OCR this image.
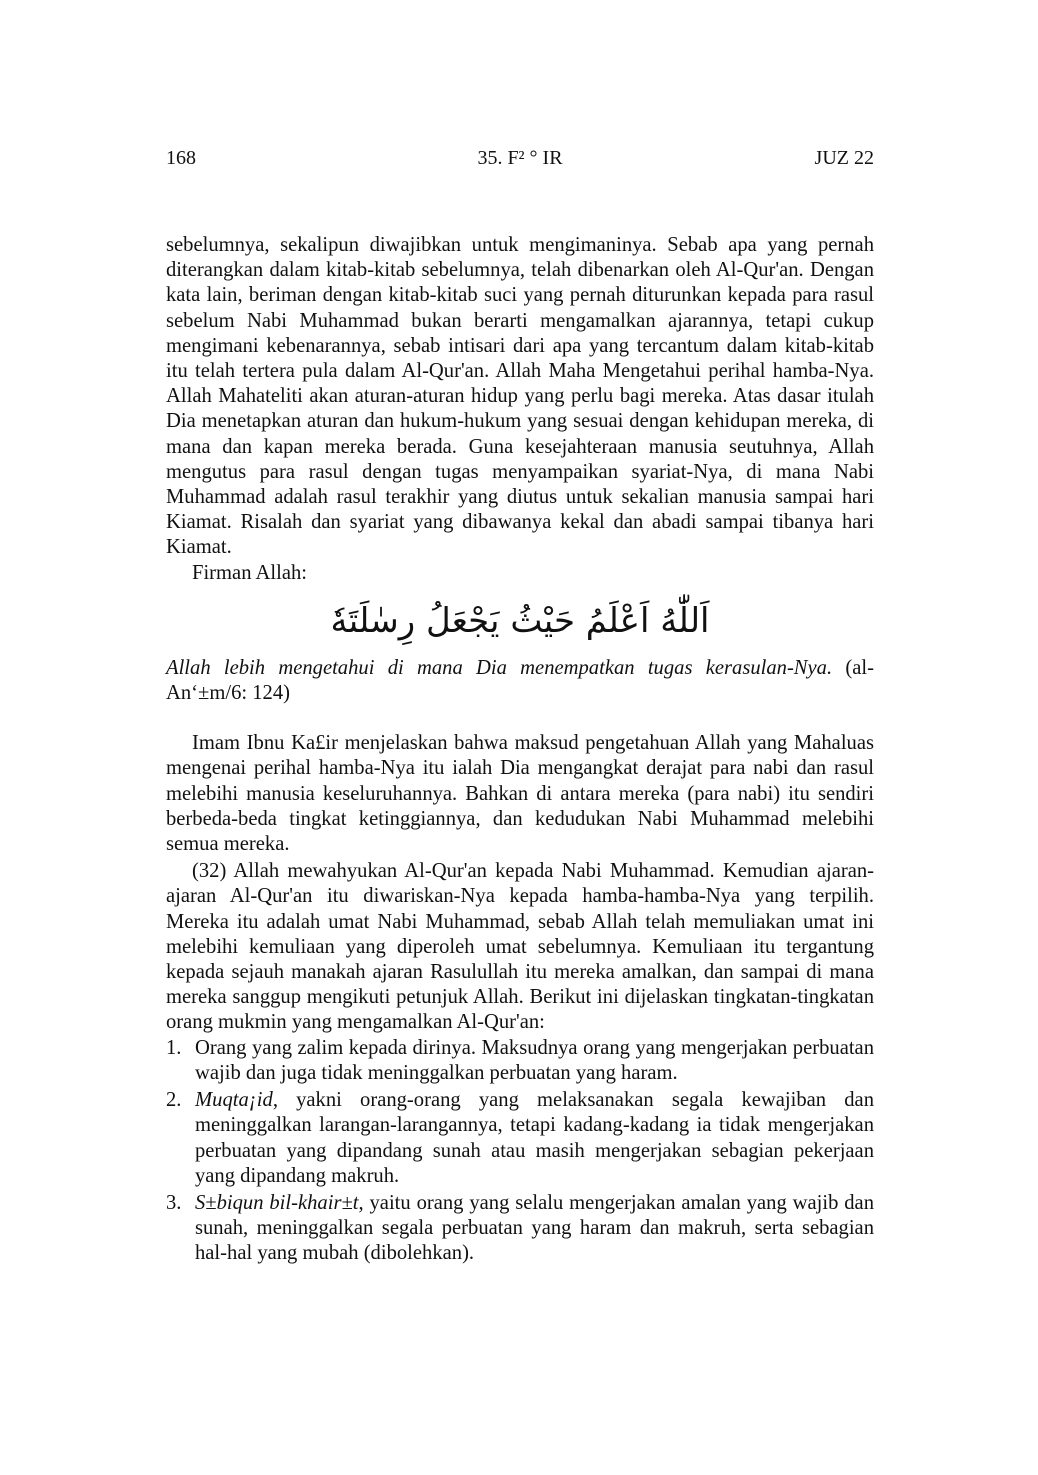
168	35. F² ° IR	JUZ 22

sebelumnya, sekalipun diwajibkan untuk mengimaninya. Sebab apa yang pernah diterangkan dalam kitab-kitab sebelumnya, telah dibenarkan oleh Al-Qur'an. Dengan kata lain, beriman dengan kitab-kitab suci yang pernah diturunkan kepada para rasul sebelum Nabi Muhammad bukan berarti mengamalkan ajarannya, tetapi cukup mengimani kebenarannya, sebab intisari dari apa yang tercantum dalam kitab-kitab itu telah tertera pula dalam Al-Qur'an. Allah Maha Mengetahui perihal hamba-Nya. Allah Mahateliti akan aturan-aturan hidup yang perlu bagi mereka. Atas dasar itulah Dia menetapkan aturan dan hukum-hukum yang sesuai dengan kehidupan mereka, di mana dan kapan mereka berada. Guna kesejahteraan manusia seutuhnya, Allah mengutus para rasul dengan tugas menyampaikan syariat-Nya, di mana Nabi Muhammad adalah rasul terakhir yang diutus untuk sekalian manusia sampai hari Kiamat. Risalah dan syariat yang dibawanya kekal dan abadi sampai tibanya hari Kiamat.

Firman Allah:

اَللّٰهُ اَعْلَمُ حَيْثُ يَجْعَلُ رِسٰلَتَهٗ

Allah lebih mengetahui di mana Dia menempatkan tugas kerasulan-Nya. (al-An‘±m/6: 124)

Imam Ibnu Ka£ir menjelaskan bahwa maksud pengetahuan Allah yang Mahaluas mengenai perihal hamba-Nya itu ialah Dia mengangkat derajat para nabi dan rasul melebihi manusia keseluruhannya. Bahkan di antara mereka (para nabi) itu sendiri berbeda-beda tingkat ketinggiannya, dan kedudukan Nabi Muhammad melebihi semua mereka.

(32) Allah mewahyukan Al-Qur'an kepada Nabi Muhammad. Kemudian ajaran-ajaran Al-Qur'an itu diwariskan-Nya kepada hamba-hamba-Nya yang terpilih. Mereka itu adalah umat Nabi Muhammad, sebab Allah telah memuliakan umat ini melebihi kemuliaan yang diperoleh umat sebelumnya. Kemuliaan itu tergantung kepada sejauh manakah ajaran Rasulullah itu mereka amalkan, dan sampai di mana mereka sanggup mengikuti petunjuk Allah. Berikut ini dijelaskan tingkatan-tingkatan orang mukmin yang mengamalkan Al-Qur'an:

1. Orang yang zalim kepada dirinya. Maksudnya orang yang mengerjakan perbuatan wajib dan juga tidak meninggalkan perbuatan yang haram.
2. Muqta¡id, yakni orang-orang yang melaksanakan segala kewajiban dan meninggalkan larangan-larangannya, tetapi kadang-kadang ia tidak mengerjakan perbuatan yang dipandang sunah atau masih mengerjakan sebagian pekerjaan yang dipandang makruh.
3. S±biqun bil-khair±t, yaitu orang yang selalu mengerjakan amalan yang wajib dan sunah, meninggalkan segala perbuatan yang haram dan makruh, serta sebagian hal-hal yang mubah (dibolehkan).
